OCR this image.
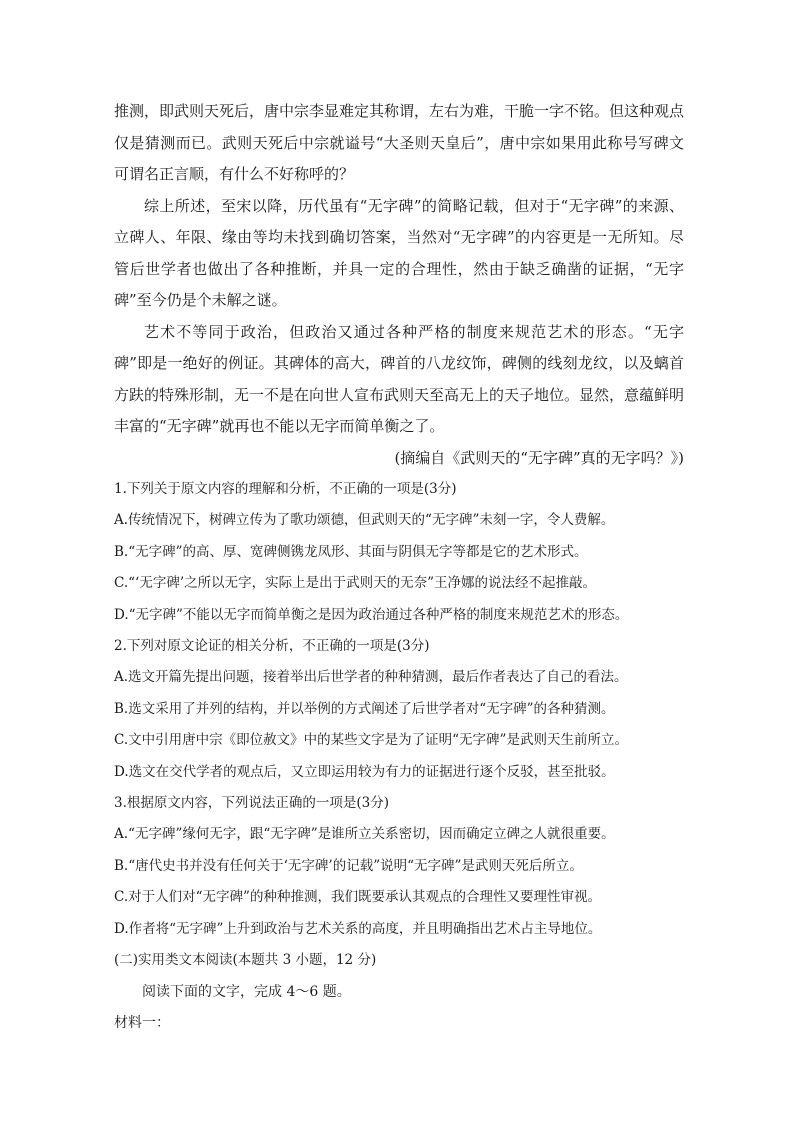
推测，即武则天死后，唐中宗李显难定其称谓，左右为难，干脆一字不铭。但这种观点仅是猜测而已。武则天死后中宗就谥号“大圣则天皇后”，唐中宗如果用此称号写碑文可谓名正言顺，有什么不好称呼的？

综上所述，至宋以降，历代虽有“无字碑”的简略记载，但对于“无字碑”的来源、立碑人、年限、缘由等均未找到确切答案，当然对“无字碑”的内容更是一无所知。尽管后世学者也做出了各种推断，并具一定的合理性，然由于缺乏确凿的证据，“无字碑”至今仍是个未解之谜。

艺术不等同于政治，但政治又通过各种严格的制度来规范艺术的形态。“无字碑”即是一绝好的例证。其碑体的高大，碑首的八龙纹饰，碑侧的线刻龙纹，以及螭首方趺的特殊形制，无一不是在向世人宣布武则天至高无上的天子地位。显然，意蕴鲜明丰富的“无字碑”就再也不能以无字而简单衡之了。

(摘编自《武则天的“无字碑”真的无字吗？》)

1.下列关于原文内容的理解和分析，不正确的一项是(3分)

A.传统情况下，树碑立传为了歌功颂德，但武则天的“无字碑”未刻一字，令人费解。

B.“无字碑”的高、厚、宽碑侧镌龙凤形、其面与阴俱无字等都是它的艺术形式。

C.“‘无字碑’之所以无字，实际上是出于武则天的无奈”王净娜的说法经不起推敲。

D.“无字碑”不能以无字而简单衡之是因为政治通过各种严格的制度来规范艺术的形态。

2.下列对原文论证的相关分析，不正确的一项是(3分)

A.选文开篇先提出问题，接着举出后世学者的种种猜测，最后作者表达了自己的看法。

B.选文采用了并列的结构，并以举例的方式阐述了后世学者对“无字碑”的各种猜测。

C.文中引用唐中宗《即位赦文》中的某些文字是为了证明“无字碑”是武则天生前所立。

D.选文在交代学者的观点后，又立即运用较为有力的证据进行逐个反驳，甚至批驳。

3.根据原文内容，下列说法正确的一项是(3分)

A.“无字碑”缘何无字，跟“无字碑”是谁所立关系密切，因而确定立碑之人就很重要。

B.“唐代史书并没有任何关于‘无字碑’的记载”说明“无字碑”是武则天死后所立。

C.对于人们对“无字碑”的种种推测，我们既要承认其观点的合理性又要理性审视。

D.作者将“无字碑”上升到政治与艺术关系的高度，并且明确指出艺术占主导地位。

(二)实用类文本阅读(本题共 3 小题，12 分)

阅读下面的文字，完成 4～6 题。

材料一：
